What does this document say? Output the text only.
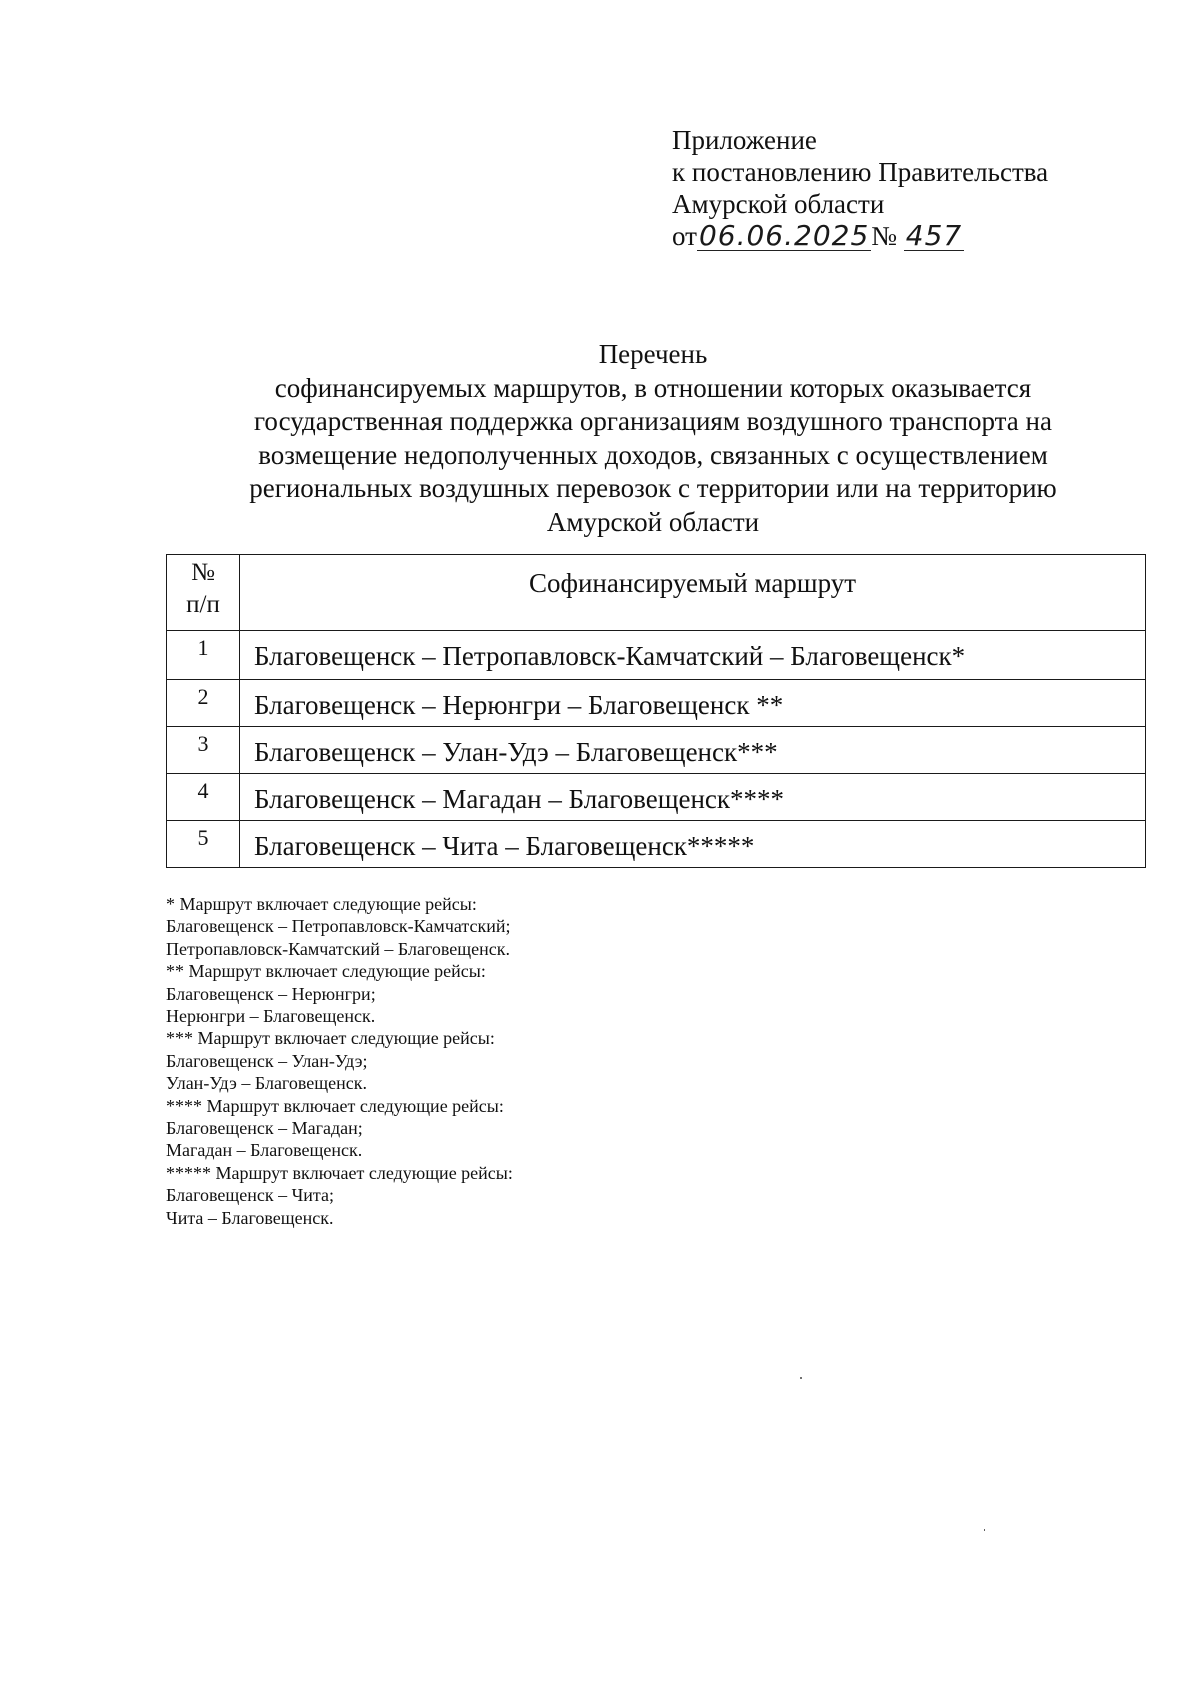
Приложение
к постановлению Правительства
Амурской области
от06.06.2025№ 457
Перечень
софинансируемых маршрутов, в отношении которых оказывается
государственная поддержка организациям воздушного транспорта на
возмещение недополученных доходов, связанных с осуществлением
региональных воздушных перевозок с территории или на территорию
Амурской области
№
п/п	Софинансируемый маршрут
1	Благовещенск – Петропавловск-Камчатский – Благовещенск*
2	Благовещенск – Нерюнгри – Благовещенск **
3	Благовещенск – Улан-Удэ – Благовещенск***
4	Благовещенск – Магадан – Благовещенск****
5	Благовещенск – Чита – Благовещенск*****
* Маршрут включает следующие рейсы:
Благовещенск – Петропавловск-Камчатский;
Петропавловск-Камчатский – Благовещенск.
** Маршрут включает следующие рейсы:
Благовещенск – Нерюнгри;
Нерюнгри – Благовещенск.
*** Маршрут включает следующие рейсы:
Благовещенск – Улан-Удэ;
Улан-Удэ – Благовещенск.
**** Маршрут включает следующие рейсы:
Благовещенск – Магадан;
Магадан – Благовещенск.
***** Маршрут включает следующие рейсы:
Благовещенск – Чита;
Чита – Благовещенск.
